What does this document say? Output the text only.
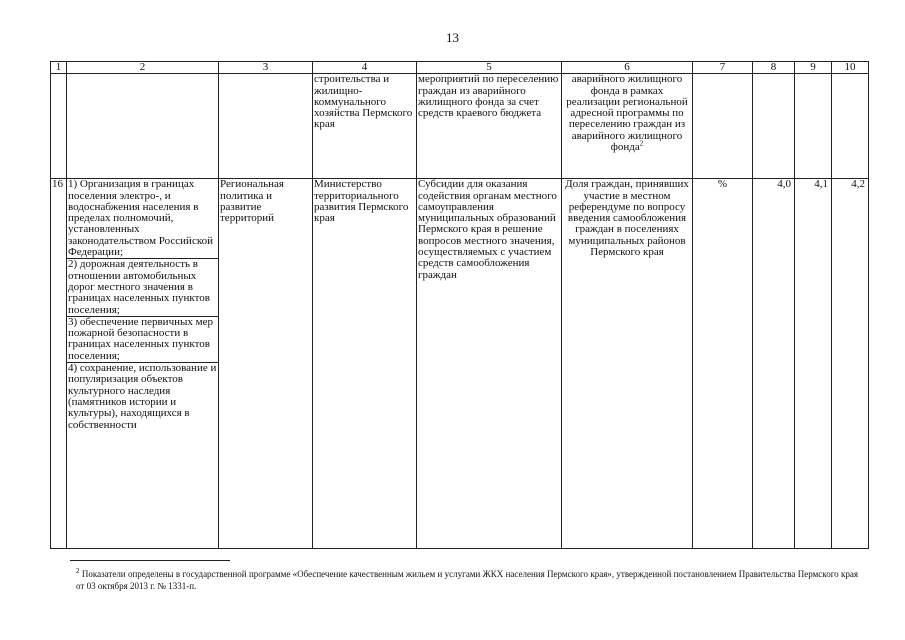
13
1	2	3	4	5	6	7	8	9	10
			строительства и жилищно-коммунального хозяйства Пермского края	мероприятий по переселению граждан из аварийного жилищного фонда за счет средств краевого бюджета	аварийного жилищного фонда в рамках реализации региональной адресной программы по переселению граждан из аварийного жилищного фонда$^2$				
16	1) Организация в границах поселения электро-, и водоснабжения населения в пределах полномочий, установленных законодательством Российской Федерации;
2) дорожная деятельность в отношении автомобильных дорог местного значения в границах населенных пунктов поселения;
3) обеспечение первичных мер пожарной безопасности в границах населенных пунктов поселения;
4) сохранение, использование и популяризация объектов культурного наследия (памятников истории и культуры), находящихся в собственности	Региональная политика и развитие территорий	Министерство территориального развития Пермского края	Субсидии для оказания содействия органам местного самоуправления муниципальных образований Пермского края в решение вопросов местного значения, осуществляемых с участием средств самообложения граждан	Доля граждан, принявших участие в местном референдуме по вопросу введения самообложения граждан в поселениях муниципальных районов Пермского края	%	4,0	4,1	4,2
$^2$ Показатели определены в государственной программе «Обеспечение качественным жильем и услугами ЖКХ населения Пермского края», утвержденной постановлением Правительства Пермского края от 03 октября 2013 г. № 1331-п.
